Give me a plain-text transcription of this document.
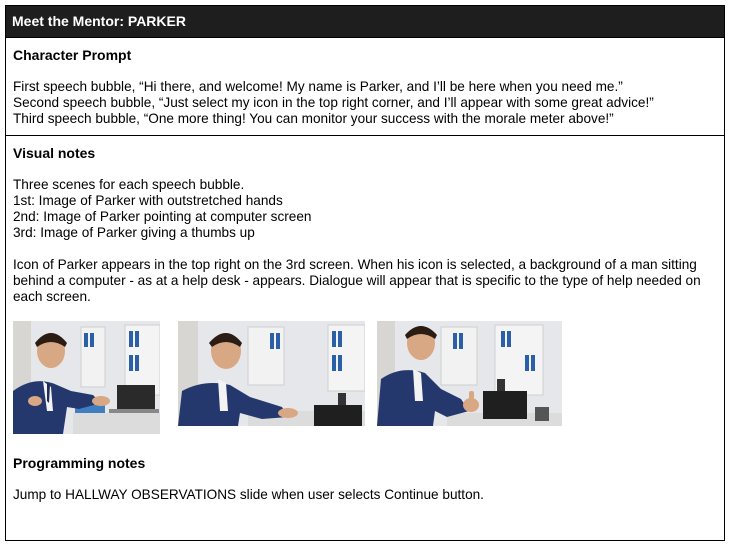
Meet the Mentor: PARKER
Character Prompt
First speech bubble, “Hi there, and welcome! My name is Parker, and I’ll be here when you need me.”
Second speech bubble, “Just select my icon in the top right corner, and I’ll appear with some great advice!”
Third speech bubble, “One more thing! You can monitor your success with the morale meter above!”
Visual notes
Three scenes for each speech bubble.
1st: Image of Parker with outstretched hands
2nd: Image of Parker pointing at computer screen
3rd: Image of Parker giving a thumbs up
Icon of Parker appears in the top right on the 3rd screen. When his icon is selected, a background of a man sitting behind a computer - as at a help desk - appears. Dialogue will appear that is specific to the type of help needed on each screen.
Programming notes
Jump to HALLWAY OBSERVATIONS slide when user selects Continue button.
